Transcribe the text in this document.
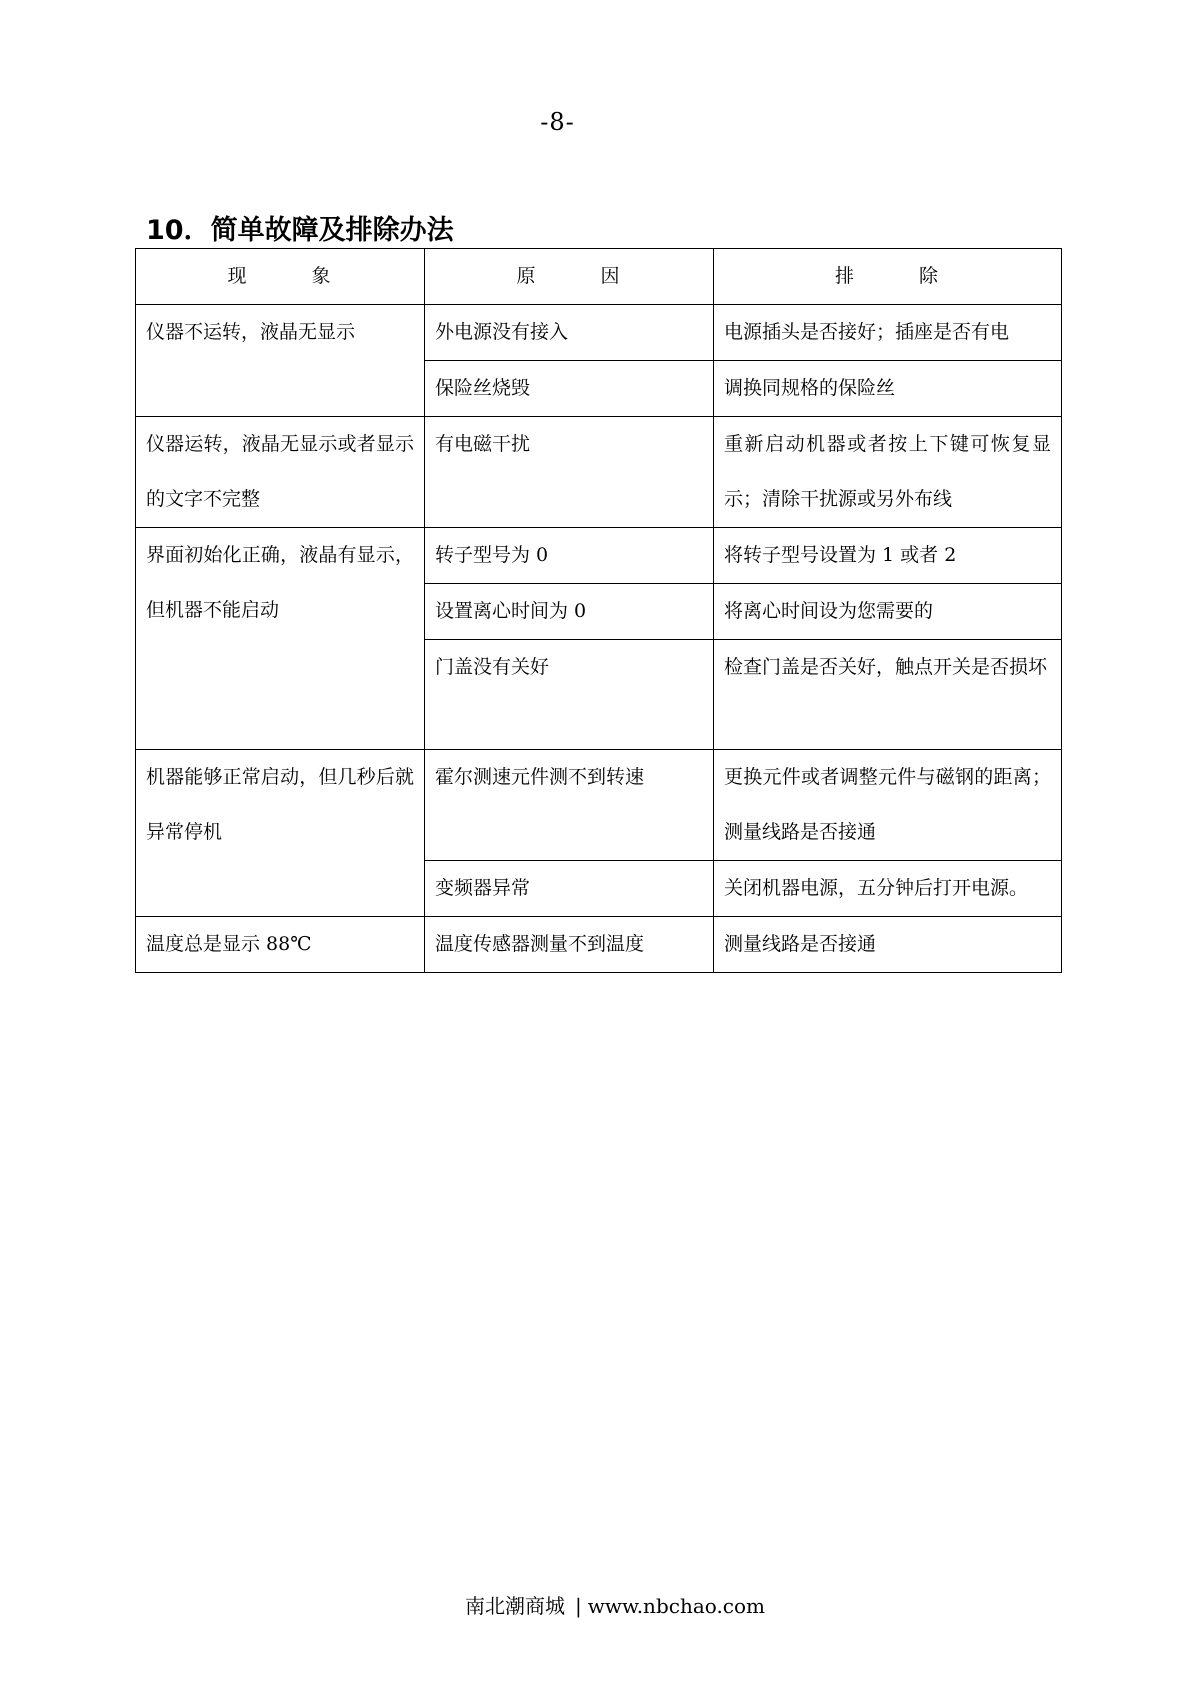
-8-
10．简单故障及排除办法
现　　　象	原　　　因	排　　　除
仪器不运转，液晶无显示	外电源没有接入	电源插头是否接好；插座是否有电
	保险丝烧毁	调换同规格的保险丝
仪器运转，液晶无显示或者显示的文字不完整	有电磁干扰	重新启动机器或者按上下键可恢复显示；清除干扰源或另外布线
界面初始化正确，液晶有显示，但机器不能启动	转子型号为 0	将转子型号设置为 1 或者 2
	设置离心时间为 0	将离心时间设为您需要的
	门盖没有关好	检查门盖是否关好，触点开关是否损坏
机器能够正常启动，但几秒后就异常停机	霍尔测速元件测不到转速	更换元件或者调整元件与磁钢的距离；测量线路是否接通
	变频器异常	关闭机器电源，五分钟后打开电源。
温度总是显示 88℃	温度传感器测量不到温度	测量线路是否接通
南北潮商城 | www.nbchao.com
